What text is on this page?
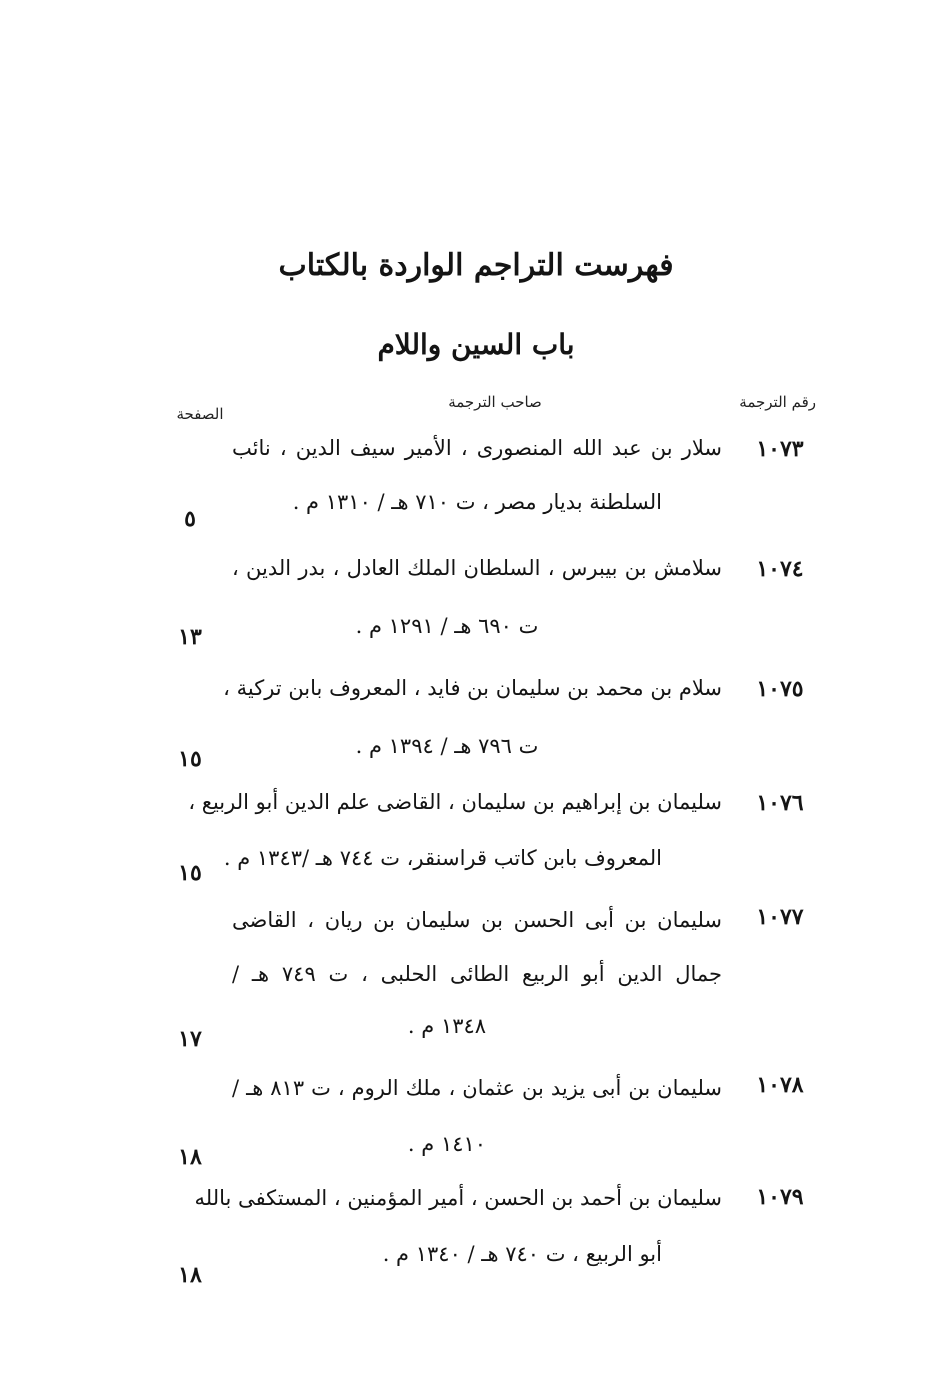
فهرست التراجم الواردة بالكتاب
باب السين واللام
رقم الترجمة
صاحب الترجمة
الصفحة
١٠٧٣
سلار بن عبد الله المنصورى ، الأمير سيف الدين ، نائب
السلطنة بديار مصر ، ت ٧١٠ هـ / ١٣١٠ م .
٥
١٠٧٤
سلامش بن بيبرس ، السلطان الملك العادل ، بدر الدين ،
ت ٦٩٠ هـ / ١٢٩١ م .
١٣
١٠٧٥
سلام بن محمد بن سليمان بن فايد ، المعروف بابن تركية ،
ت ٧٩٦ هـ / ١٣٩٤ م .
١٥
١٠٧٦
سليمان بن إبراهيم بن سليمان ، القاضى علم الدين أبو الربيع ،
المعروف بابن كاتب قراسنقر، ت ٧٤٤ هـ /١٣٤٣ م .
١٥
١٠٧٧
سليمان بن أبى الحسن بن سليمان بن ريان ، القاضى
جمال الدين أبو الربيع الطائى الحلبى ، ت ٧٤٩ هـ /
١٣٤٨ م .
١٧
١٠٧٨
سليمان بن أبى يزيد بن عثمان ، ملك الروم ، ت ٨١٣ هـ /
١٤١٠ م .
١٨
١٠٧٩
سليمان بن أحمد بن الحسن ، أمير المؤمنين ، المستكفى بالله
أبو الربيع ، ت ٧٤٠ هـ / ١٣٤٠ م .
١٨
